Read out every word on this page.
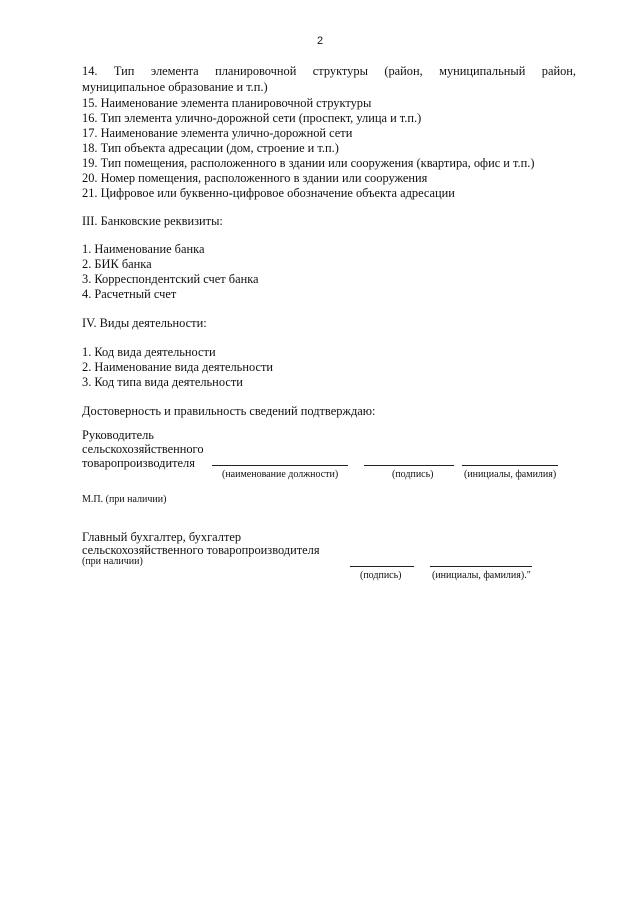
2
14. Тип элемента планировочной структуры (район, муниципальный район,
муниципальное образование и т.п.)
15. Наименование элемента планировочной структуры
16. Тип элемента улично-дорожной сети (проспект, улица и т.п.)
17. Наименование элемента улично-дорожной сети
18. Тип объекта адресации (дом, строение и т.п.)
19. Тип помещения, расположенного в здании или сооружения (квартира, офис и т.п.)
20. Номер помещения, расположенного в здании или сооружения
21. Цифровое или буквенно-цифровое обозначение объекта адресации
III. Банковские реквизиты:
1. Наименование банка
2. БИК банка
3. Корреспондентский счет банка
4. Расчетный счет
IV. Виды деятельности:
1. Код вида деятельности
2. Наименование вида деятельности
3. Код типа вида деятельности
Достоверность и правильность сведений подтверждаю:
Руководитель
сельскохозяйственного
товаропроизводителя
(наименование должности)	(подпись)	(инициалы, фамилия)
М.П. (при наличии)
Главный бухгалтер, бухгалтер
сельскохозяйственного товаропроизводителя
(при наличии)
(подпись)	(инициалы, фамилия)."
